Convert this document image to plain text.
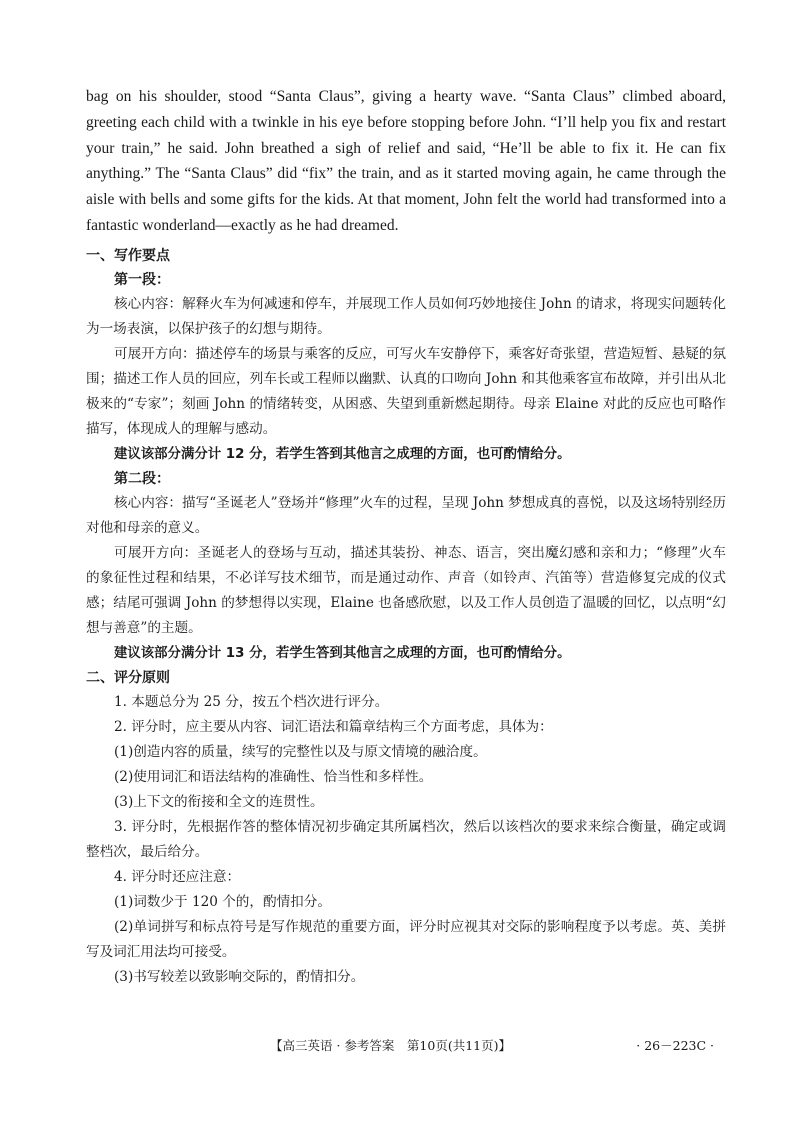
bag on his shoulder, stood “Santa Claus”, giving a hearty wave. “Santa Claus” climbed aboard, greeting each child with a twinkle in his eye before stopping before John. “I’ll help you fix and restart your train,” he said. John breathed a sigh of relief and said, “He’ll be able to fix it. He can fix anything.” The “Santa Claus” did “fix” the train, and as it started moving again, he came through the aisle with bells and some gifts for the kids. At that moment, John felt the world had transformed into a fantastic wonderland—exactly as he had dreamed.

一、写作要点

第一段：

核心内容：解释火车为何减速和停车，并展现工作人员如何巧妙地接住 John 的请求，将现实问题转化为一场表演，以保护孩子的幻想与期待。

可展开方向：描述停车的场景与乘客的反应，可写火车安静停下，乘客好奇张望，营造短暂、悬疑的氛围；描述工作人员的回应，列车长或工程师以幽默、认真的口吻向 John 和其他乘客宣布故障，并引出从北极来的“专家”；刻画 John 的情绪转变，从困惑、失望到重新燃起期待。母亲 Elaine 对此的反应也可略作描写，体现成人的理解与感动。

建议该部分满分计 12 分，若学生答到其他言之成理的方面，也可酌情给分。

第二段：

核心内容：描写“圣诞老人”登场并“修理”火车的过程，呈现 John 梦想成真的喜悦，以及这场特别经历对他和母亲的意义。

可展开方向：圣诞老人的登场与互动，描述其装扮、神态、语言，突出魔幻感和亲和力；“修理”火车的象征性过程和结果，不必详写技术细节，而是通过动作、声音（如铃声、汽笛等）营造修复完成的仪式感；结尾可强调 John 的梦想得以实现，Elaine 也备感欣慰，以及工作人员创造了温暖的回忆，以点明“幻想与善意”的主题。

建议该部分满分计 13 分，若学生答到其他言之成理的方面，也可酌情给分。

二、评分原则

1. 本题总分为 25 分，按五个档次进行评分。

2. 评分时，应主要从内容、词汇语法和篇章结构三个方面考虑，具体为：

(1)创造内容的质量，续写的完整性以及与原文情境的融洽度。

(2)使用词汇和语法结构的准确性、恰当性和多样性。

(3)上下文的衔接和全文的连贯性。

3. 评分时，先根据作答的整体情况初步确定其所属档次，然后以该档次的要求来综合衡量，确定或调整档次，最后给分。

4. 评分时还应注意：

(1)词数少于 120 个的，酌情扣分。

(2)单词拼写和标点符号是写作规范的重要方面，评分时应视其对交际的影响程度予以考虑。英、美拼写及词汇用法均可接受。

(3)书写较差以致影响交际的，酌情扣分。

【高三英语 · 参考答案　第10页(共11页)】	· 26－223C ·
